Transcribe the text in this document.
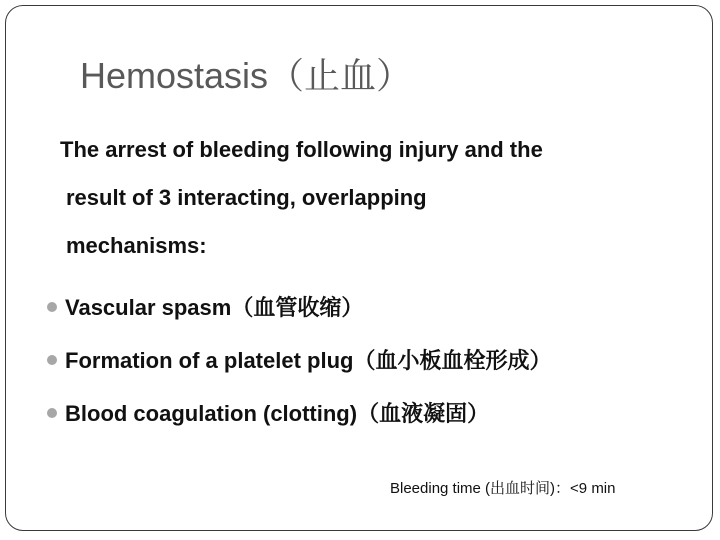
Hemostasis（止血）
The arrest of bleeding following injury and the
result of 3 interacting, overlapping
mechanisms:
Vascular spasm（血管收缩）
Formation of a platelet plug（血小板血栓形成）
Blood coagulation (clotting)（血液凝固）
Bleeding time (出血时间)：<9 min
